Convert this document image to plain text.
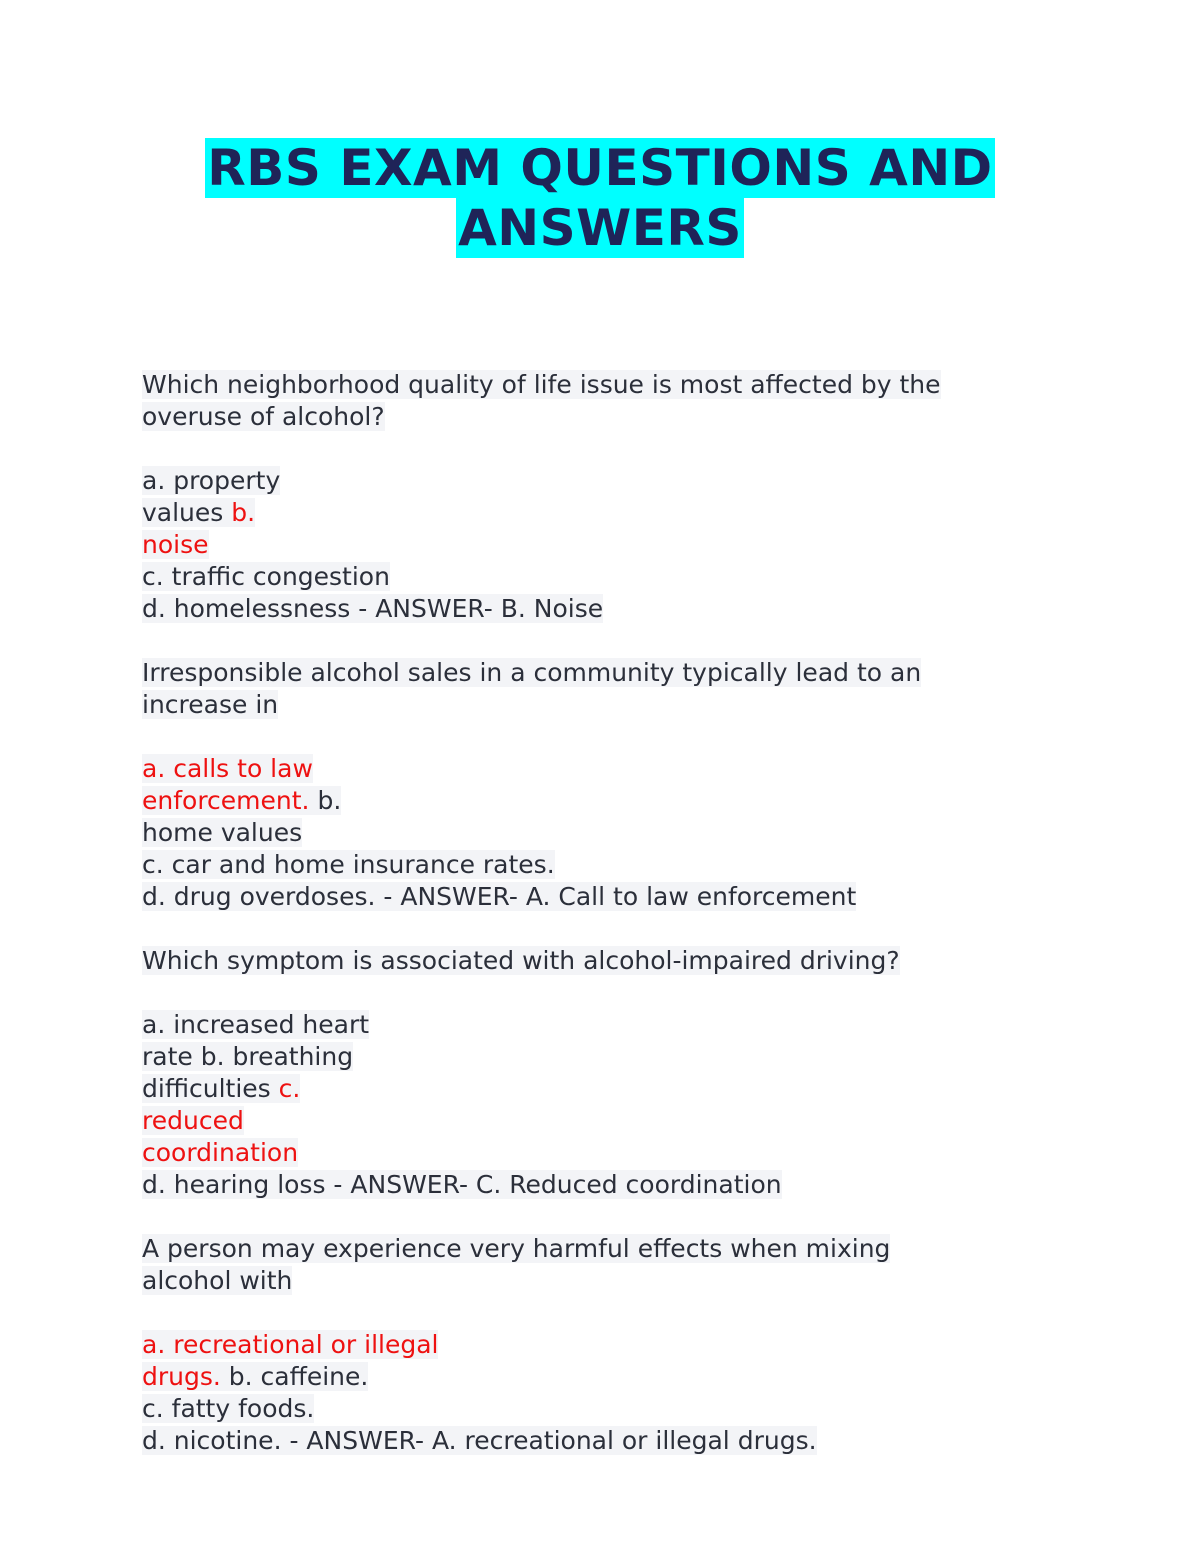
RBS EXAM QUESTIONS AND
ANSWERS
Which neighborhood quality of life issue is most affected by the
overuse of alcohol?
a. property
values b.
noise
c. traffic congestion
d. homelessness - ANSWER- B. Noise
Irresponsible alcohol sales in a community typically lead to an
increase in
a. calls to law
enforcement. b.
home values
c. car and home insurance rates.
d. drug overdoses. - ANSWER- A. Call to law enforcement
Which symptom is associated with alcohol-impaired driving?
a. increased heart
rate b. breathing
difficulties c.
reduced
coordination
d. hearing loss - ANSWER- C. Reduced coordination
A person may experience very harmful effects when mixing
alcohol with
a. recreational or illegal
drugs. b. caffeine.
c. fatty foods.
d. nicotine. - ANSWER- A. recreational or illegal drugs.
